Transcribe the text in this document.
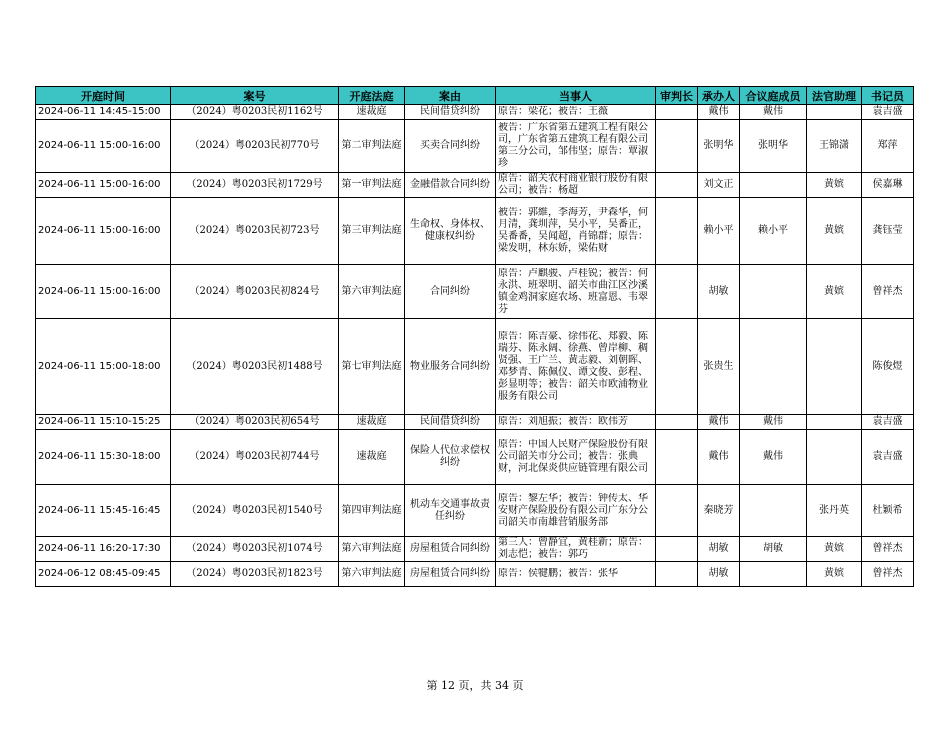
开庭时间	案号	开庭法庭	案由	当事人	审判长	承办人	合议庭成员	法官助理	书记员
2024-06-11 14:45-15:00	（2024）粤0203民初1162号	速裁庭	民间借贷纠纷	原告：梁花；被告：王薇		戴伟	戴伟		袁吉盛
2024-06-11 15:00-16:00	（2024）粤0203民初770号	第二审判法庭	买卖合同纠纷	被告：广东省第五建筑工程有限公司，广东省第五建筑工程有限公司第三分公司，邹伟坚；原告：覃淑珍		张明华	张明华	王锦潇	郑萍
2024-06-11 15:00-16:00	（2024）粤0203民初1729号	第一审判法庭	金融借款合同纠纷	原告：韶关农村商业银行股份有限公司；被告：杨超		刘文正		黄嫔	侯嘉琳
2024-06-11 15:00-16:00	（2024）粤0203民初723号	第三审判法庭	生命权、身体权、健康权纠纷	被告：郭維，李海芳，尹森华，何月清，龚圳萍，吴小平，吴番正，吴番番，吴闻超，肖锦群；原告：梁发明，林东娇，梁佑财		赖小平	赖小平	黄嫔	龚钰莹
2024-06-11 15:00-16:00	（2024）粤0203民初824号	第六审判法庭	合同纠纷	原告：卢麒骏、卢桂锐；被告：何永洪、班翠明、韶关市曲江区沙溪镇金鸡洞家庭农场、班富恩、韦翠芬		胡敏		黄嫔	曾祥杰
2024-06-11 15:00-18:00	（2024）粤0203民初1488号	第七审判法庭	物业服务合同纠纷	原告：陈吉豪、徐伟花、郑毅、陈瑞芬、陈永阔、徐燕、曾岸柳、稠贤强、王广兰、黄志毅、刘朝晖、邓梦青、陈佩仪、谭文俊、彭程、彭显明等；被告：韶关市欧浦物业服务有限公司		张贵生			陈俊煜
2024-06-11 15:10-15:25	（2024）粤0203民初654号	速裁庭	民间借贷纠纷	原告：刘旭振；被告：欧伟芳		戴伟	戴伟		袁吉盛
2024-06-11 15:30-18:00	（2024）粤0203民初744号	速裁庭	保险人代位求偿权纠纷	原告：中国人民财产保险股份有限公司韶关市分公司；被告：张典财，河北保炎供应链管理有限公司		戴伟	戴伟		袁吉盛
2024-06-11 15:45-16:45	（2024）粤0203民初1540号	第四审判法庭	机动车交通事故责任纠纷	原告：黎左华；被告：钟传太、华安财产保险股份有限公司广东分公司韶关市南雄营销服务部		秦晓芳		张丹英	杜颖希
2024-06-11 16:20-17:30	（2024）粤0203民初1074号	第六审判法庭	房屋租赁合同纠纷	第三人：曾静宜，黄桂新；原告：刘志恺；被告：郭巧		胡敏	胡敏	黄嫔	曾祥杰
2024-06-12 08:45-09:45	（2024）粤0203民初1823号	第六审判法庭	房屋租赁合同纠纷	原告：侯犍鹏；被告：张华		胡敏		黄嫔	曾祥杰
第 12 页，共 34 页
